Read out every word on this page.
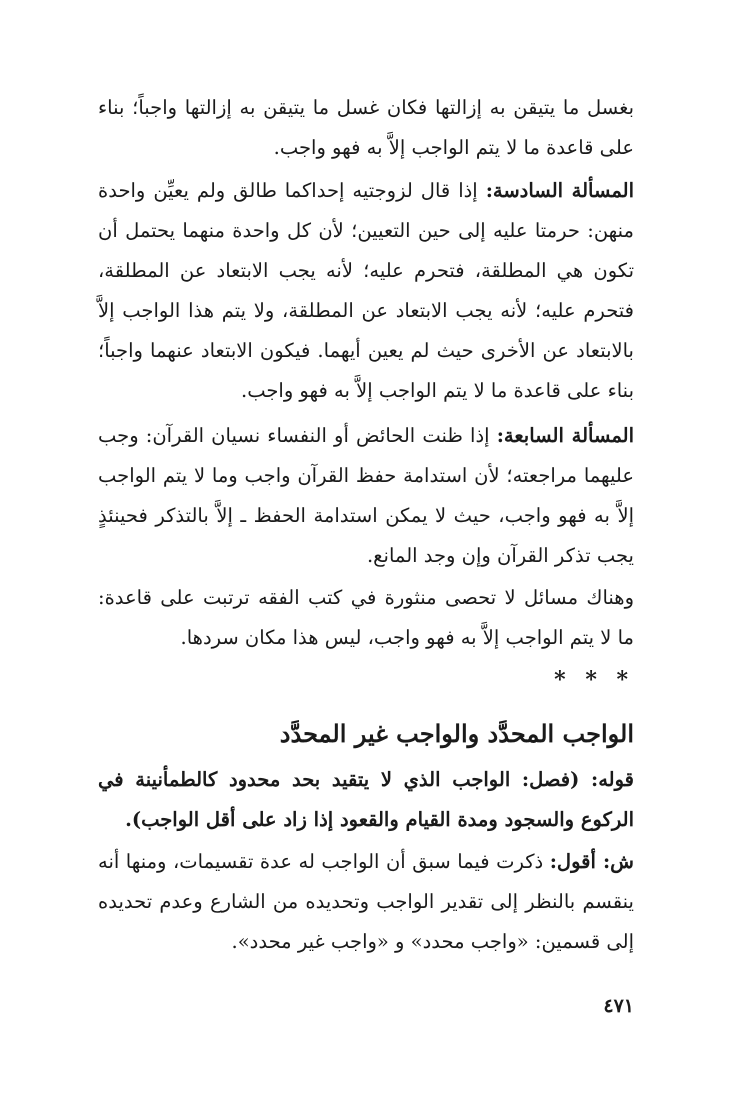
بغسل ما يتيقن به إزالتها فكان غسل ما يتيقن به إزالتها واجباً؛ بناء على قاعدة ما لا يتم الواجب إلاَّ به فهو واجب.

المسألة السادسة: إذا قال لزوجتيه إحداكما طالق ولم يعيِّن واحدة منهن: حرمتا عليه إلى حين التعيين؛ لأن كل واحدة منهما يحتمل أن تكون هي المطلقة، فتحرم عليه؛ لأنه يجب الابتعاد عن المطلقة، فتحرم عليه؛ لأنه يجب الابتعاد عن المطلقة، ولا يتم هذا الواجب إلاَّ بالابتعاد عن الأخرى حيث لم يعين أيهما. فيكون الابتعاد عنهما واجباً؛ بناء على قاعدة ما لا يتم الواجب إلاَّ به فهو واجب.

المسألة السابعة: إذا ظنت الحائض أو النفساء نسيان القرآن: وجب عليهما مراجعته؛ لأن استدامة حفظ القرآن واجب وما لا يتم الواجب إلاَّ به فهو واجب، حيث لا يمكن استدامة الحفظ ـ إلاَّ بالتذكر فحينئذٍ يجب تذكر القرآن وإن وجد المانع.

وهناك مسائل لا تحصى منثورة في كتب الفقه ترتبت على قاعدة: ما لا يتم الواجب إلاَّ به فهو واجب، ليس هذا مكان سردها.

* * *
الواجب المحدَّد والواجب غير المحدَّد

قوله: (فصل: الواجب الذي لا يتقيد بحد محدود كالطمأنينة في الركوع والسجود ومدة القيام والقعود إذا زاد على أقل الواجب).

ش: أقول: ذكرت فيما سبق أن الواجب له عدة تقسيمات، ومنها أنه ينقسم بالنظر إلى تقدير الواجب وتحديده من الشارع وعدم تحديده إلى قسمين: «واجب محدد» و «واجب غير محدد».

٤٧١
